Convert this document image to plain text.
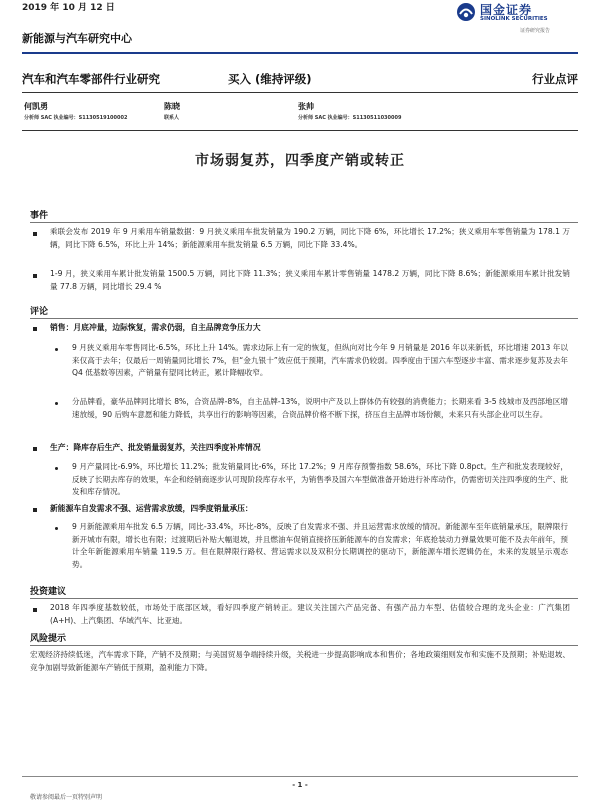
2019 年 10 月 12 日	国金证券
SINOLINK SECURITIES
证券研究报告
新能源与汽车研究中心
汽车和汽车零部件行业研究	买入 (维持评级)	行业点评
何凯勇
分析师 SAC 执业编号：S1130519100002
陈晓
联系人
张帅
分析师 SAC 执业编号：S1130511030009
市场弱复苏，四季度产销或转正
事件
乘联会发布 2019 年 9 月乘用车销量数据：9 月狭义乘用车批发销量为 190.2 万辆，同比下降 6%，环比增长 17.2%；狭义乘用车零售销量为 178.1 万辆，同比下降 6.5%，环比上升 14%；新能源乘用车批发销量 6.5 万辆，同比下降 33.4%。
1-9 月，狭义乘用车累计批发销量 1500.5 万辆，同比下降 11.3%；狭义乘用车累计零售销量 1478.2 万辆，同比下降 8.6%；新能源乘用车累计批发销量 77.8 万辆，同比增长 29.4 %
评论
销售：月底冲量，边际恢复，需求仍弱，自主品牌竞争压力大
9 月狭义乘用车零售同比-6.5%，环比上升 14%。需求边际上有一定的恢复，但纵向对比今年 9 月销量是 2016 年以来新低，环比增速 2013 年以来仅高于去年；仅最后一周销量同比增长 7%，但“金九银十”效应低于预期，汽车需求仍较弱。四季度由于国六车型逐步丰富、需求逐步复苏及去年 Q4 低基数等因素，产销量有望同比转正，累计降幅收窄。
分品牌看，豪华品牌同比增长 8%，合资品牌-8%，自主品牌-13%，说明中产及以上群体仍有较强的消费能力；长期来看 3-5 线城市及西部地区增速放缓，90 后购车意愿和能力降低，共享出行的影响等因素，合资品牌价格不断下探，挤压自主品牌市场份额，未来只有头部企业可以生存。
生产：降库存后生产、批发销量弱复苏，关注四季度补库情况
9 月产量同比-6.9%，环比增长 11.2%；批发销量同比-6%，环比 17.2%；9 月库存预警指数 58.6%，环比下降 0.8pct。生产和批发表现较好，反映了长期去库存的效果，车企和经销商逐步认可现阶段库存水平，为销售季及国六车型做准备开始进行补库动作，仍需密切关注四季度的生产、批发和库存情况。
新能源车自发需求不强、运营需求放缓，四季度销量承压：
9 月新能源乘用车批发 6.5 万辆，同比-33.4%，环比-8%，反映了自发需求不强、并且运营需求放缓的情况。新能源车至年底销量承压，限牌限行新开城市有限，增长也有限；过渡期后补贴大幅退坡，并且燃油车促销直接挤压新能源车的自发需求；年底抢装动力弹量效果可能不及去年前年，预计全年新能源乘用车销量 119.5 万。但在限牌限行路权、营运需求以及双积分长期调控的驱动下，新能源车增长逻辑仍在，未来的发展呈示观态势。
投资建议
2018 年四季度基数较低，市场处于底部区域，看好四季度产销转正。建议关注国六产品完备、有强产品力车型、估值较合理的龙头企业：广汽集团 (A+H)、上汽集团、华域汽车、比亚迪。
风险提示
宏观经济持续低迷，汽车需求下降，产销不及预期；与美国贸易争端持续升级，关税进一步提高影响成本和售价；各地政策细则发布和实施不及预期；补贴退坡、竞争加剧导致新能源车产销低于预期，盈利能力下降。
- 1 -
敬请参阅最后一页特别声明
